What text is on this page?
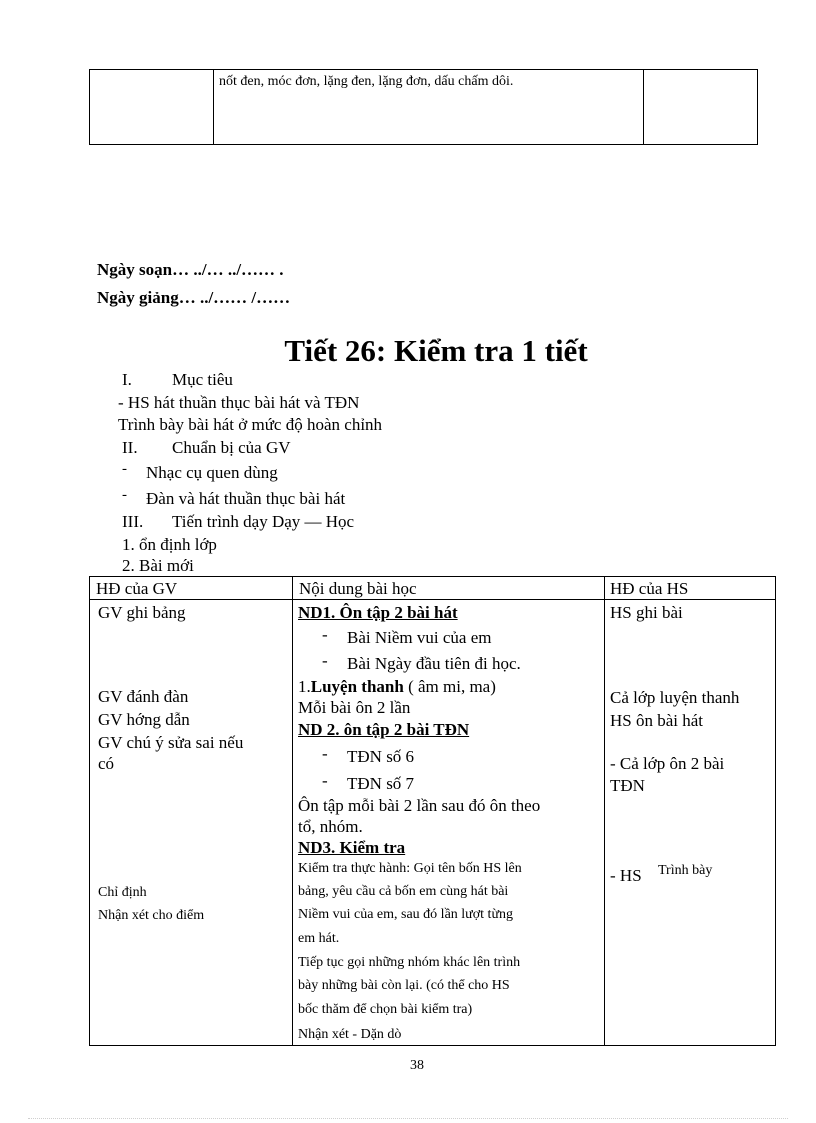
nốt đen, móc đơn, lặng đen, lặng đơn, dấu chấm dôi.
Ngày soạn… ../… ../…… .
Ngày giảng… ../…… /……
Tiết 26: Kiểm tra 1 tiết
I. Mục tiêu
- HS hát thuần thục bài hát và TĐN
Trình bày bài hát ở mức độ hoàn chỉnh
II. Chuẩn bị của GV
- Nhạc cụ quen dùng
- Đàn và hát thuần thục bài hát
III. Tiến trình dạy Dạy — Học
1. ổn định lớp
2. Bài mới
HĐ của GV	Nội dung bài học	HĐ của HS
GV ghi bảng
GV đánh đàn
GV hớng dẫn
GV chú ý sửa sai nếu
có
Chỉ định
Nhận xét cho điểm
ND1. Ôn tập 2 bài hát
- Bài Niềm vui của em
- Bài Ngày đầu tiên đi học.
1.Luyện thanh ( âm mi, ma)
Mỗi bài ôn 2 lần
ND 2. ôn tập 2 bài TĐN
- TĐN số 6
- TĐN số 7
Ôn tập mỗi bài 2 lần sau đó ôn theo
tổ, nhóm.
ND3. Kiểm tra
Kiểm tra thực hành: Gọi tên bốn HS lên
bảng, yêu cầu cả bốn em cùng hát bài
Niềm vui của em, sau đó lần lượt từng
em hát.
Tiếp tục gọi những nhóm khác lên trình
bày những bài còn lại. (có thể cho HS
bốc thăm để chọn bài kiểm tra)
Nhận xét - Dặn dò
HS ghi bài
Cả lớp luyện thanh
HS ôn bài hát
- Cả lớp ôn 2 bài
TĐN
- HS Trình bày
38
